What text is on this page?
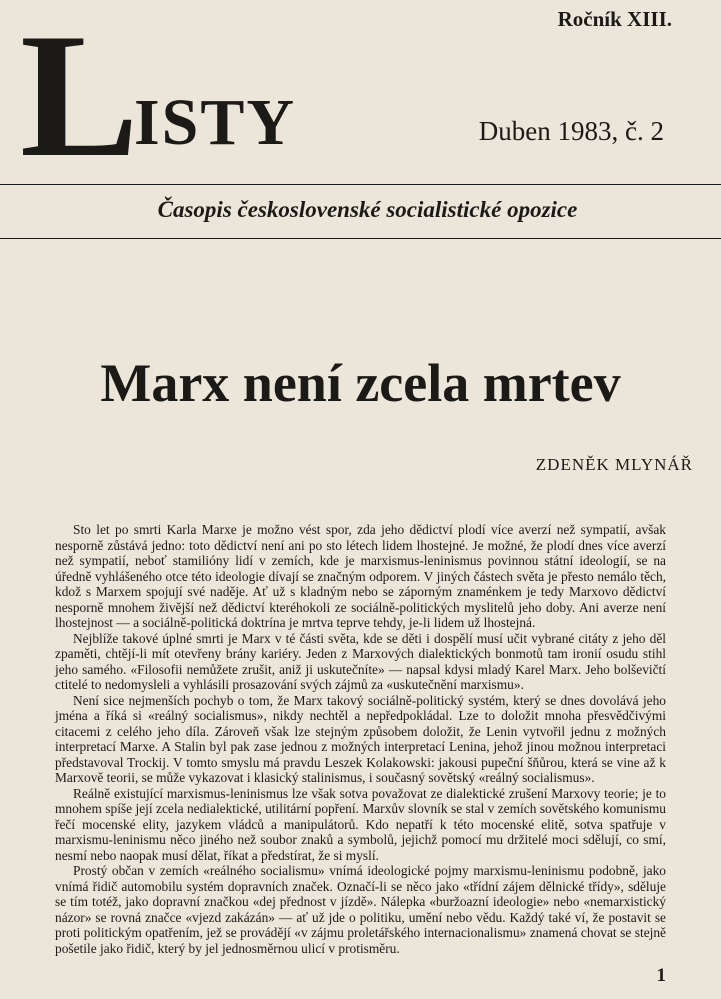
L ISTY
Ročník XIII.
Duben 1983, č. 2
Časopis československé socialistické opozice
Marx není zcela mrtev
ZDENĚK MLYNÁŘ

Sto let po smrti Karla Marxe je možno vést spor, zda jeho dědictví plodí více averzí než sympatií, avšak nesporně zůstává jedno: toto dědictví není ani po sto létech lidem lhostejné. Je možné, že plodí dnes více averzí než sympatií, neboť stamilióny lidí v zemích, kde je marxismus-leninismus povinnou státní ideologií, se na úředně vyhlášeného otce této ideologie dívají se značným odporem. V jiných částech světa je přesto nemálo těch, kdož s Marxem spojují své naděje. Ať už s kladným nebo se záporným znaménkem je tedy Marxovo dědictví nesporně mnohem živější než dědictví kteréhokoli ze sociálně-politických myslitelů jeho doby. Ani averze není lhostejnost — a sociálně-politická doktrína je mrtva teprve tehdy, je-li lidem už lhostejná.

Nejblíže takové úplné smrti je Marx v té části světa, kde se děti i dospělí musí učit vybrané citáty z jeho děl zpaměti, chtějí-li mít otevřeny brány kariéry. Jeden z Marxových dialektických bonmotů tam ironií osudu stihl jeho samého. «Filosofii nemůžete zrušit, aniž ji uskutečníte» — napsal kdysi mladý Karel Marx. Jeho bolševičtí ctitelé to nedomysleli a vyhlásili prosazování svých zájmů za «uskutečnění marxismu».

Není sice nejmenších pochyb o tom, že Marx takový sociálně-politický systém, který se dnes dovolává jeho jména a říká si «reálný socialismus», nikdy nechtěl a nepředpokládal. Lze to doložit mnoha přesvědčivými citacemi z celého jeho díla. Zároveň však lze stejným způsobem doložit, že Lenin vytvořil jednu z možných interpretací Marxe. A Stalin byl pak zase jednou z možných interpretací Lenina, jehož jinou možnou interpretaci představoval Trockij. V tomto smyslu má pravdu Leszek Kolakowski: jakousi pupeční šňůrou, která se vine až k Marxově teorii, se může vykazovat i klasický stalinismus, i současný sovětský «reálný socialismus».

Reálně existující marxismus-leninismus lze však sotva považovat ze dialektické zrušení Marxovy teorie; je to mnohem spíše její zcela nedialektické, utilitární popření. Marxův slovník se stal v zemích sovětského komunismu řečí mocenské elity, jazykem vládců a manipulátorů. Kdo nepatří k této mocenské elitě, sotva spatřuje v marxismu-leninismu něco jiného než soubor znaků a symbolů, jejichž pomocí mu držitelé moci sdělují, co smí, nesmí nebo naopak musí dělat, říkat a předstírat, že si myslí.

Prostý občan v zemích «reálného socialismu» vnímá ideologické pojmy marxismu-leninismu podobně, jako vnímá řidič automobilu systém dopravních značek. Označí-li se něco jako «třídní zájem dělnické třídy», sděluje se tím totéž, jako dopravní značkou «dej přednost v jízdě». Nálepka «buržoazní ideologie» nebo «nemarxistický názor» se rovná značce «vjezd zakázán» — ať už jde o politiku, umění nebo vědu. Každý také ví, že postavit se proti politickým opatřením, jež se provádějí «v zájmu proletářského internacionalismu» znamená chovat se stejně pošetile jako řidič, který by jel jednosměrnou ulicí v protisměru.

1
